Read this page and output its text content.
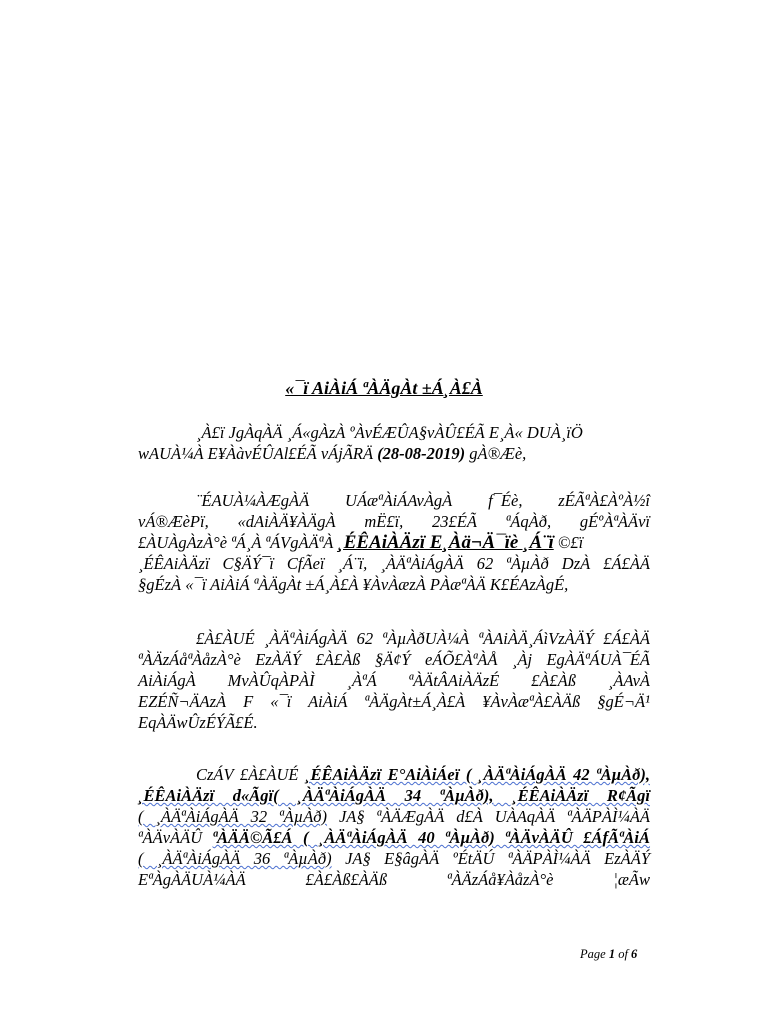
«¯ï AiÀiÁ ªÀÄgÀt ±Á¸À£À
¸À£ï JgÀqÀÄ ¸Á«gÀzÀ ºÀvÉÆÛA§vÀÛ£ÉÃ E¸À« DUÀ¸ïÖ
wAUÀ¼À E¥ÀàvÉÛAl£ÉÃ vÁjÃRÄ (28-08-2019) gÀ®Æè,
¨ÉAUÀ¼ÀÆgÀÄ UÁæªÀiÁAvÀgÀ f¯Éè, zÉÃªÀ£ÀºÀ½î
vÁ®ÆèPï, «dAiÀÄ¥ÀÄgÀ mË£ï, 23£ÉÃ ªÁqÀð, gÉºÀªÀÄvï
£ÀUÀgÀzÀ°è ªÁ¸À ªÁVgÀÄªÀ ¸ÉÊAiÀÄzï E¸Àä¬Ä¯ïè ¸Á¨ï ©£ï
¸ÉÊAiÀÄzï C§ÄÝ¯ï CfÃeï ¸Á¨ï, ¸ÀÄªÀiÁgÀÄ 62 ªÀµÀð DzÀ £Á£ÀÄ
§gÉzÀ «¯ï AiÀiÁ ªÀÄgÀt ±Á¸À£À ¥ÀvÀæzÀ PÀæªÀÄ K£ÉAzÀgÉ,
£À£ÀUÉ ¸ÀÄªÀiÁgÀÄ 62 ªÀµÀðUÀ¼À ªÀAiÀÄ¸ÁìVzÀÄÝ £Á£ÀÄ
ªÀÄzÁåªÀåzÀ°è EzÀÄÝ £À£Àß §Ä¢Ý eÁÕ£ÀªÀÅ ¸Àj EgÀÄªÁUÀ¯ÉÃ
AiÀiÁgÀ MvÀÛqÀPÀÌ ¸ÀªÁ ªÀÄtÂAiÀÄzÉ £À£Àß ¸ÀAvÀ
EZÉÑ¬ÄAzÀ F «¯ï AiÀiÁ ªÀÄgÀt±Á¸À£À ¥ÀvÀæªÀ£ÀÄß §gÉ¬Ä¹
EqÀÄwÛzÉÝÃ£É.
CzÁV £À£ÀUÉ ¸ÉÊAiÀÄzï E°AiÀiÁeï ( ¸ÀÄªÀiÁgÀÄ 42 ªÀµÀð),
¸ÉÊAiÀÄzï d«Ãgï( ¸ÀÄªÀiÁgÀÄ 34 ªÀµÀð), ¸ÉÊAiÀÄzï R¢Ãgï
( ¸ÀÄªÀiÁgÀÄ 32 ªÀµÀð) JA§ ªÀÄÆgÀÄ d£À UÀAqÀÄ ªÀÄPÀÌ¼ÀÄ
ªÀÄvÀÄÛ ªÀÄÄ©Ã£Á ( ¸ÀÄªÀiÁgÀÄ 40 ªÀµÀð) ªÀÄvÀÄÛ £ÁfÃªÀiÁ
( ¸ÀÄªÀiÁgÀÄ 36 ªÀµÀð) JA§ E§âgÀÄ ºÉtÄÚ ªÀÄPÀÌ¼ÀÄ EzÀÄÝ
EªÀgÀÄUÀ¼ÀÄ £À£Àß£ÀÄß ªÀÄzÁå¥ÀåzÀ°è ¦æÃw
Page 1 of 6
